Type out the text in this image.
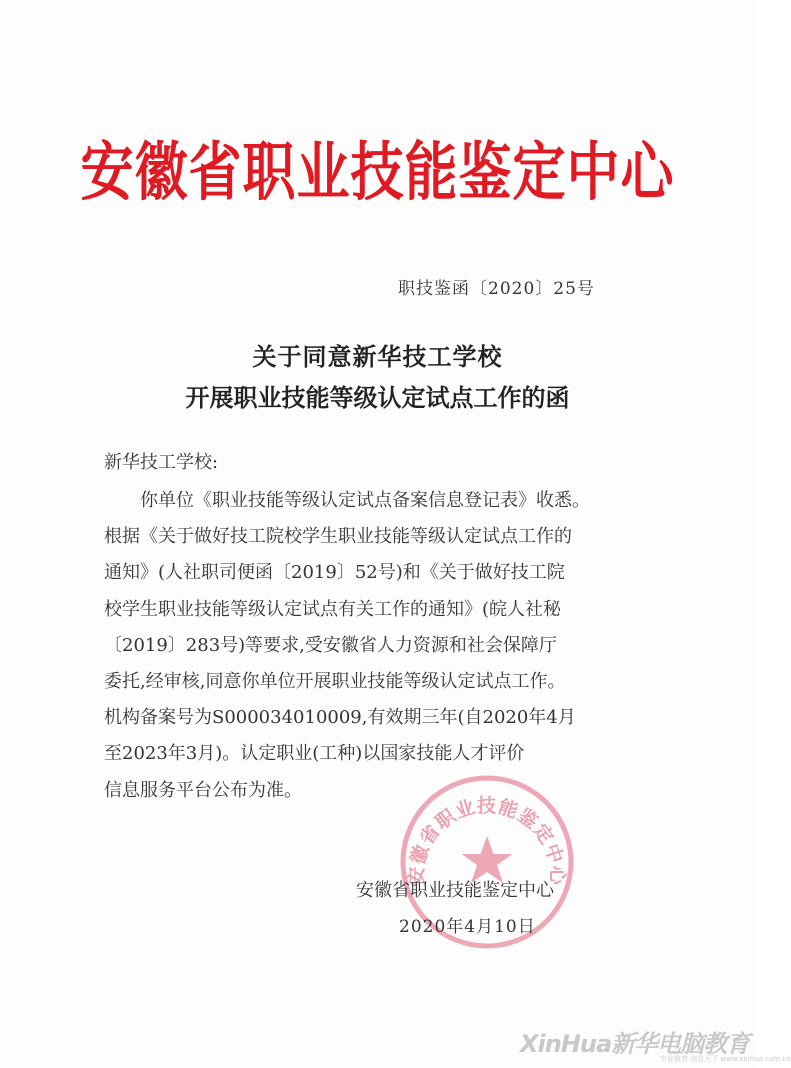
安徽省职业技能鉴定中心
职技鉴函〔2020〕25号
关于同意新华技工学校
开展职业技能等级认定试点工作的函
新华技工学校:
你单位《职业技能等级认定试点备案信息登记表》收悉。
根据《关于做好技工院校学生职业技能等级认定试点工作的
通知》(人社职司便函〔2019〕52号)和《关于做好技工院
校学生职业技能等级认定试点有关工作的通知》(皖人社秘
〔2019〕283号)等要求,受安徽省人力资源和社会保障厅
委托,经审核,同意你单位开展职业技能等级认定试点工作。
机构备案号为S000034010009,有效期三年(自2020年4月
至2023年3月)。认定职业(工种)以国家技能人才评价
信息服务平台公布为准。
安徽省职业技能鉴定中心
安徽省职业技能鉴定中心
2020年4月10日
XinHua新华电脑教育
专业教育 信息天下 www.xinhua.com.cn
